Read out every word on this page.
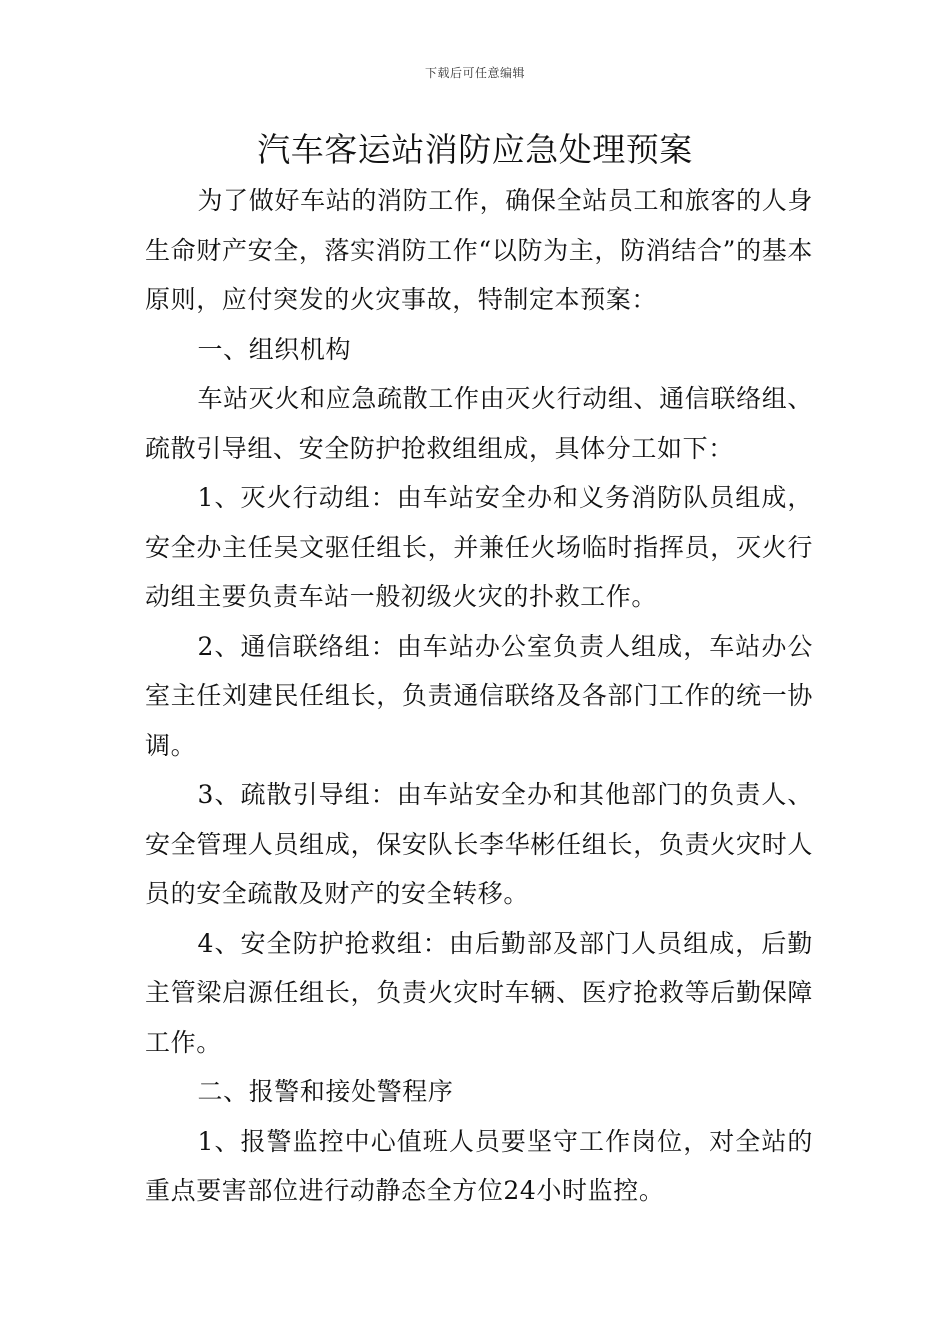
下载后可任意编辑
汽车客运站消防应急处理预案

为了做好车站的消防工作，确保全站员工和旅客的人身生命财产安全，落实消防工作“以防为主，防消结合”的基本原则，应付突发的火灾事故，特制定本预案：

一、组织机构

车站灭火和应急疏散工作由灭火行动组、通信联络组、疏散引导组、安全防护抢救组组成，具体分工如下：

1、灭火行动组：由车站安全办和义务消防队员组成，安全办主任吴文驱任组长，并兼任火场临时指挥员，灭火行动组主要负责车站一般初级火灾的扑救工作。

2、通信联络组：由车站办公室负责人组成，车站办公室主任刘建民任组长，负责通信联络及各部门工作的统一协调。

3、疏散引导组：由车站安全办和其他部门的负责人、安全管理人员组成，保安队长李华彬任组长，负责火灾时人员的安全疏散及财产的安全转移。

4、安全防护抢救组：由后勤部及部门人员组成，后勤主管梁启源任组长，负责火灾时车辆、医疗抢救等后勤保障工作。

二、报警和接处警程序

1、报警监控中心值班人员要坚守工作岗位，对全站的重点要害部位进行动静态全方位24小时监控。
